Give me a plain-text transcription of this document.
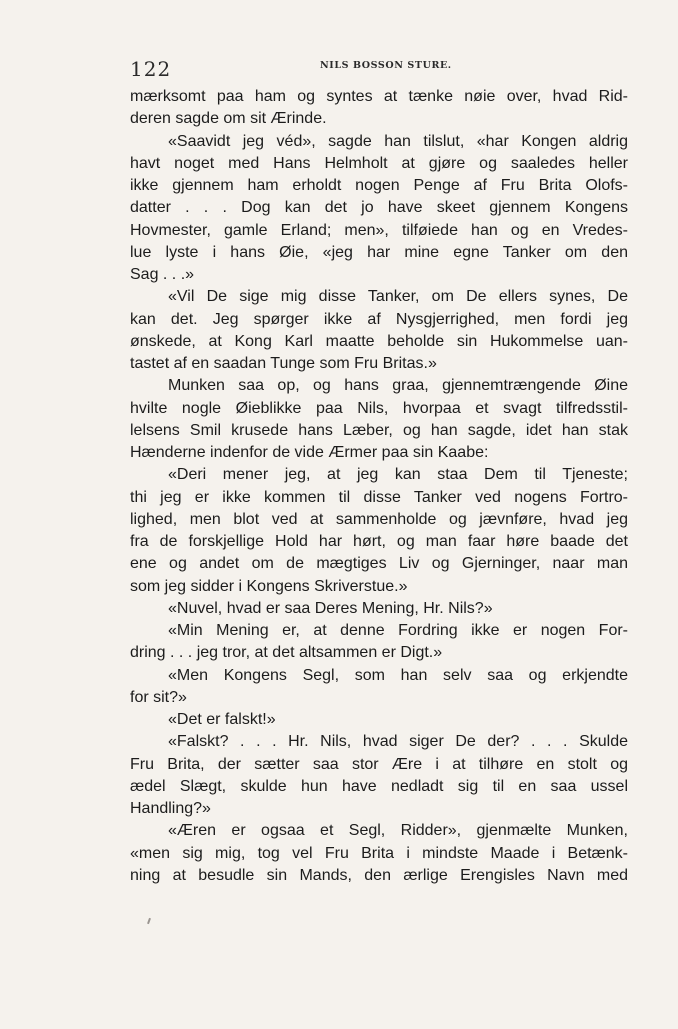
122	NILS BOSSON STURE.
mærksomt paa ham og syntes at tænke nøie over, hvad Rid-
deren sagde om sit Ærinde.
«Saavidt jeg véd», sagde han tilslut, «har Kongen aldrig
havt noget med Hans Helmholt at gjøre og saaledes heller
ikke gjennem ham erholdt nogen Penge af Fru Brita Olofs-
datter . . . Dog kan det jo have skeet gjennem Kongens
Hovmester, gamle Erland; men», tilføiede han og en Vredes-
lue lyste i hans Øie, «jeg har mine egne Tanker om den
Sag . . .»
«Vil De sige mig disse Tanker, om De ellers synes, De
kan det. Jeg spørger ikke af Nysgjerrighed, men fordi jeg
ønskede, at Kong Karl maatte beholde sin Hukommelse uan-
tastet af en saadan Tunge som Fru Britas.»
Munken saa op, og hans graa, gjennemtrængende Øine
hvilte nogle Øieblikke paa Nils, hvorpaa et svagt tilfredsstil-
lelsens Smil krusede hans Læber, og han sagde, idet han stak
Hænderne indenfor de vide Ærmer paa sin Kaabe:
«Deri mener jeg, at jeg kan staa Dem til Tjeneste;
thi jeg er ikke kommen til disse Tanker ved nogens Fortro-
lighed, men blot ved at sammenholde og jævnføre, hvad jeg
fra de forskjellige Hold har hørt, og man faar høre baade det
ene og andet om de mægtiges Liv og Gjerninger, naar man
som jeg sidder i Kongens Skriverstue.»
«Nuvel, hvad er saa Deres Mening, Hr. Nils?»
«Min Mening er, at denne Fordring ikke er nogen For-
dring . . . jeg tror, at det altsammen er Digt.»
«Men Kongens Segl, som han selv saa og erkjendte
for sit?»
«Det er falskt!»
«Falskt? . . . Hr. Nils, hvad siger De der? . . . Skulde
Fru Brita, der sætter saa stor Ære i at tilhøre en stolt og
ædel Slægt, skulde hun have nedladt sig til en saa ussel
Handling?»
«Æren er ogsaa et Segl, Ridder», gjenmælte Munken,
«men sig mig, tog vel Fru Brita i mindste Maade i Betænk-
ning at besudle sin Mands, den ærlige Erengisles Navn med
